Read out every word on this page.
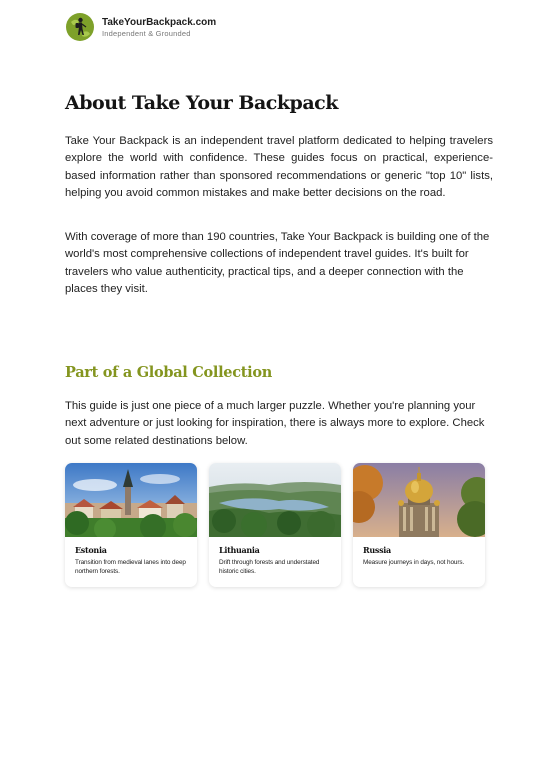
TakeYourBackpack.com
Independent & Grounded
About Take Your Backpack

Take Your Backpack is an independent travel platform dedicated to helping travelers explore the world with confidence. These guides focus on practical, experience-based information rather than sponsored recommendations or generic "top 10" lists, helping you avoid common mistakes and make better decisions on the road.

With coverage of more than 190 countries, Take Your Backpack is building one of the world's most comprehensive collections of independent travel guides. It's built for travelers who value authenticity, practical tips, and a deeper connection with the places they visit.

Part of a Global Collection

This guide is just one piece of a much larger puzzle. Whether you're planning your next adventure or just looking for inspiration, there is always more to explore. Check out some related destinations below.

Estonia
Transition from medieval lanes into deep northern forests.
Lithuania
Drift through forests and understated historic cities.
Russia
Measure journeys in days, not hours.
